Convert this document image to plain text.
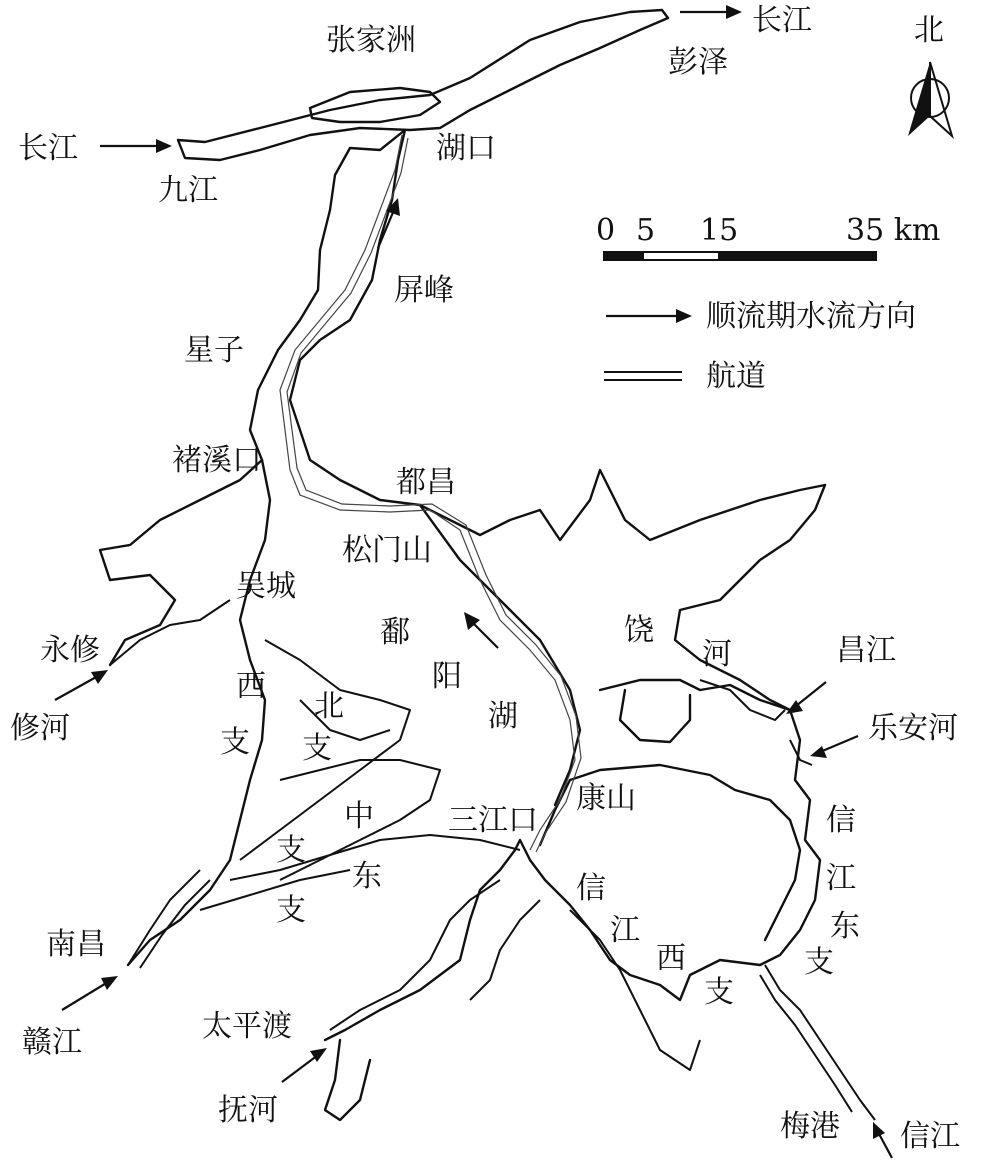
北
0 5 15	35 km
顺流期水流方向
航道
长江
彭泽
张家洲
长江
九江
湖口
屏峰
星子
褚溪口
都昌
松门山
吴城
永修
修河
鄱
阳
湖
饶
河	昌江
乐安河
西
支
北
支
中
支
东
支
三江口
康山
信
江
东
支
信
江
西
支
南昌
赣江	太平渡
抚河	梅港 信江
